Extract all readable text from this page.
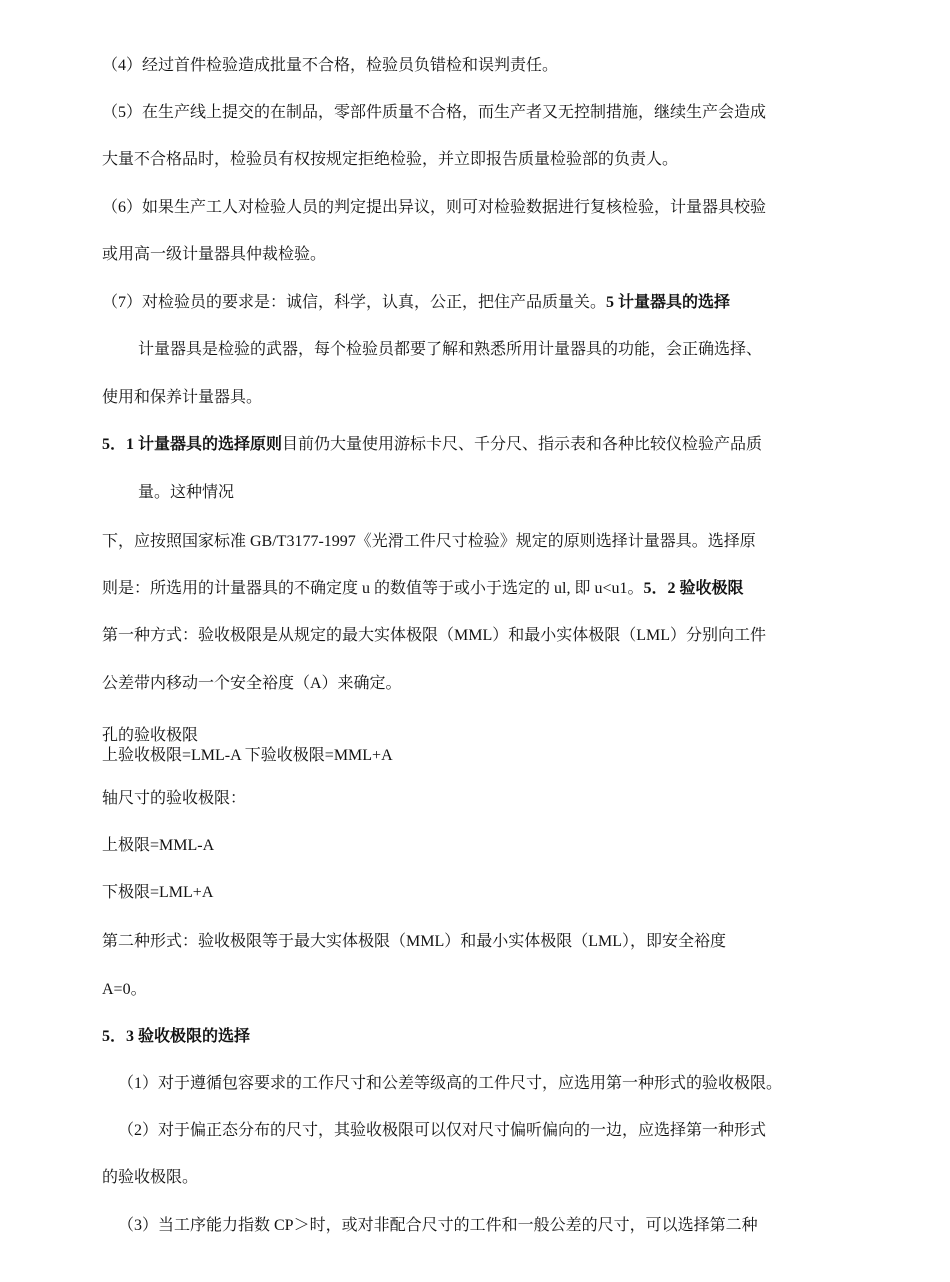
（4）经过首件检验造成批量不合格，检验员负错检和误判责任。
（5）在生产线上提交的在制品，零部件质量不合格，而生产者又无控制措施，继续生产会造成
大量不合格品时，检验员有权按规定拒绝检验，并立即报告质量检验部的负责人。
（6）如果生产工人对检验人员的判定提出异议，则可对检验数据进行复核检验，计量器具校验
或用高一级计量器具仲裁检验。
（7）对检验员的要求是：诚信，科学，认真，公正，把住产品质量关。5 计量器具的选择
计量器具是检验的武器，每个检验员都要了解和熟悉所用计量器具的功能，会正确选择、
使用和保养计量器具。
5．1 计量器具的选择原则目前仍大量使用游标卡尺、千分尺、指示表和各种比较仪检验产品质
量。这种情况
下，应按照国家标准 GB/T3177-1997《光滑工件尺寸检验》规定的原则选择计量器具。选择原
则是：所选用的计量器具的不确定度 u 的数值等于或小于选定的 ul, 即 u<u1。5．2 验收极限
第一种方式：验收极限是从规定的最大实体极限（MML）和最小实体极限（LML）分别向工件
公差带内移动一个安全裕度（A）来确定。
孔的验收极限
上验收极限=LML-A 下验收极限=MML+A
轴尺寸的验收极限：
上极限=MML-A
下极限=LML+A
第二种形式：验收极限等于最大实体极限（MML）和最小实体极限（LML），即安全裕度
A=0。
5．3 验收极限的选择
（1）对于遵循包容要求的工作尺寸和公差等级高的工件尺寸，应选用第一种形式的验收极限。
（2）对于偏正态分布的尺寸，其验收极限可以仅对尺寸偏听偏向的一边，应选择第一种形式
的验收极限。
（3）当工序能力指数 CP＞时，或对非配合尺寸的工件和一般公差的尺寸，可以选择第二种
